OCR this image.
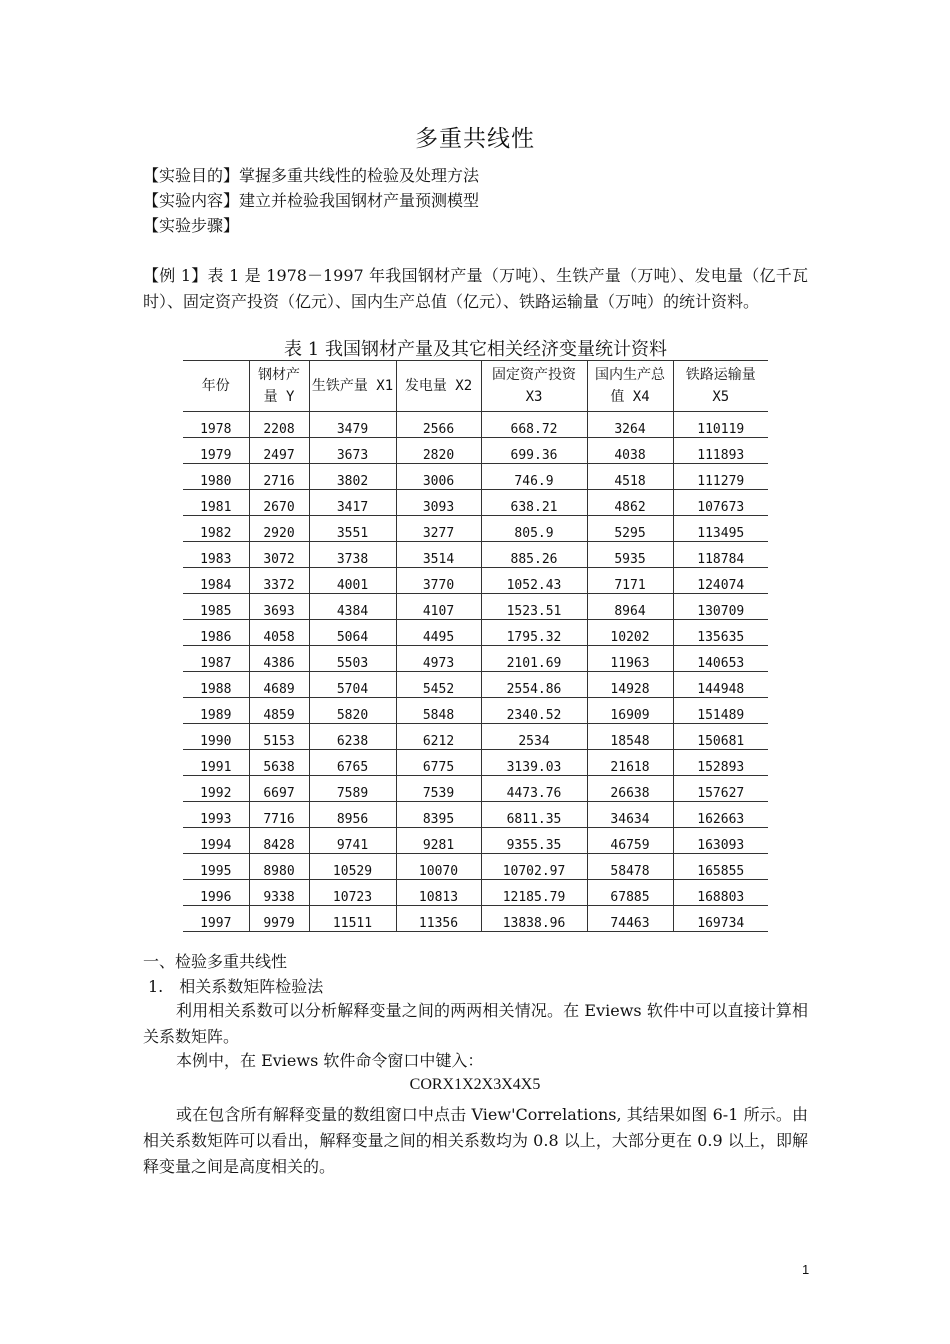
多重共线性
【实验目的】掌握多重共线性的检验及处理方法
【实验内容】建立并检验我国钢材产量预测模型
【实验步骤】
【例 1】表 1 是 1978－1997 年我国钢材产量（万吨）、生铁产量（万吨）、发电量（亿千瓦时）、固定资产投资（亿元）、国内生产总值（亿元）、铁路运输量（万吨）的统计资料。
表 1 我国钢材产量及其它相关经济变量统计资料
年份	钢材产量 Y	生铁产量 X1	发电量 X2	固定资产投资 X3	国内生产总值 X4	铁路运输量 X5
1978	2208	3479	2566	668.72	3264	110119
1979	2497	3673	2820	699.36	4038	111893
1980	2716	3802	3006	746.9	4518	111279
1981	2670	3417	3093	638.21	4862	107673
1982	2920	3551	3277	805.9	5295	113495
1983	3072	3738	3514	885.26	5935	118784
1984	3372	4001	3770	1052.43	7171	124074
1985	3693	4384	4107	1523.51	8964	130709
1986	4058	5064	4495	1795.32	10202	135635
1987	4386	5503	4973	2101.69	11963	140653
1988	4689	5704	5452	2554.86	14928	144948
1989	4859	5820	5848	2340.52	16909	151489
1990	5153	6238	6212	2534	18548	150681
1991	5638	6765	6775	3139.03	21618	152893
1992	6697	7589	7539	4473.76	26638	157627
1993	7716	8956	8395	6811.35	34634	162663
1994	8428	9741	9281	9355.35	46759	163093
1995	8980	10529	10070	10702.97	58478	165855
1996	9338	10723	10813	12185.79	67885	168803
1997	9979	11511	11356	13838.96	74463	169734
一、检验多重共线性
1.　相关系数矩阵检验法
利用相关系数可以分析解释变量之间的两两相关情况。在 Eviews 软件中可以直接计算相关系数矩阵。
本例中，在 Eviews 软件命令窗口中键入：
CORX1X2X3X4X5
或在包含所有解释变量的数组窗口中点击 View'Correlations, 其结果如图 6-1 所示。由相关系数矩阵可以看出，解释变量之间的相关系数均为 0.8 以上，大部分更在 0.9 以上，即解释变量之间是高度相关的。
1
